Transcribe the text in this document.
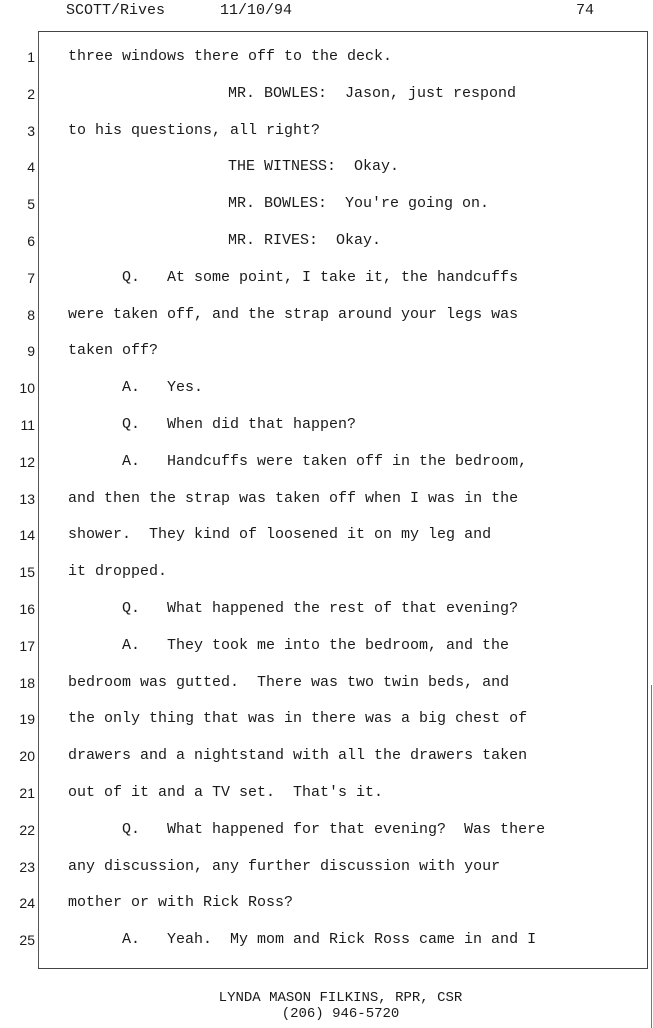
SCOTT/Rives	11/10/94	74
1 three windows there off to the deck.
2	MR. BOWLES:  Jason, just respond
3 to his questions, all right?
4	THE WITNESS:  Okay.
5	MR. BOWLES:  You're going on.
6	MR. RIVES:  Okay.
7	Q.   At some point, I take it, the handcuffs
8 were taken off, and the strap around your legs was
9 taken off?
10	A.   Yes.
11	Q.   When did that happen?
12	A.   Handcuffs were taken off in the bedroom,
13 and then the strap was taken off when I was in the
14 shower.  They kind of loosened it on my leg and
15 it dropped.
16	Q.   What happened the rest of that evening?
17	A.   They took me into the bedroom, and the
18 bedroom was gutted.  There was two twin beds, and
19 the only thing that was in there was a big chest of
20 drawers and a nightstand with all the drawers taken
21 out of it and a TV set.  That's it.
22	Q.   What happened for that evening?  Was there
23 any discussion, any further discussion with your
24 mother or with Rick Ross?
25	A.   Yeah.  My mom and Rick Ross came in and I
LYNDA MASON FILKINS, RPR, CSR
(206) 946-5720
